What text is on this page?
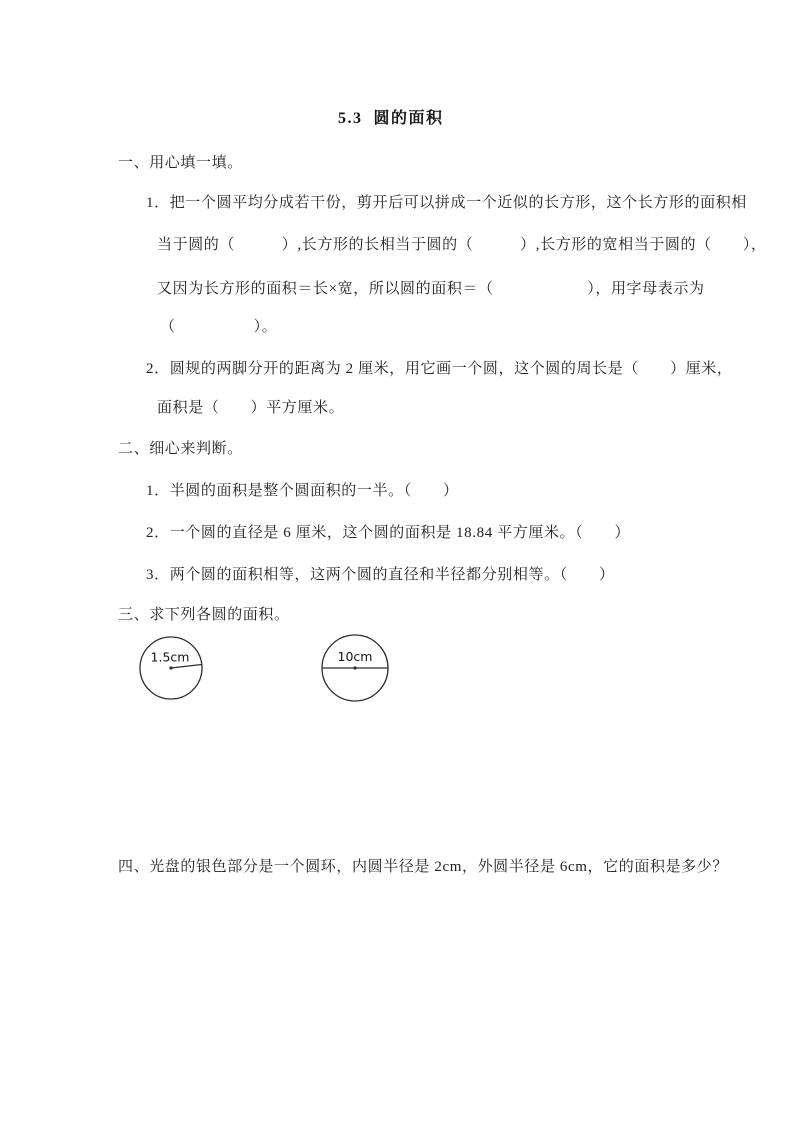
5.3  圆的面积
一、用心填一填。
1．把一个圆平均分成若干份，剪开后可以拼成一个近似的长方形，这个长方形的面积相
当于圆的（　　　）,长方形的长相当于圆的（　　　）,长方形的宽相当于圆的（　　），
又因为长方形的面积＝长×宽，所以圆的面积＝（　　　　　　），用字母表示为
（　　　　　）。
2．圆规的两脚分开的距离为 2 厘米，用它画一个圆，这个圆的周长是（　　）厘米，
面积是（　　）平方厘米。
二、细心来判断。
1．半圆的面积是整个圆面积的一半。（　　）
2．一个圆的直径是 6 厘米，这个圆的面积是 18.84 平方厘米。（　　）
3．两个圆的面积相等，这两个圆的直径和半径都分别相等。（　　）
三、求下列各圆的面积。
1.5cm	10cm
四、光盘的银色部分是一个圆环，内圆半径是 2cm，外圆半径是 6cm，它的面积是多少？
